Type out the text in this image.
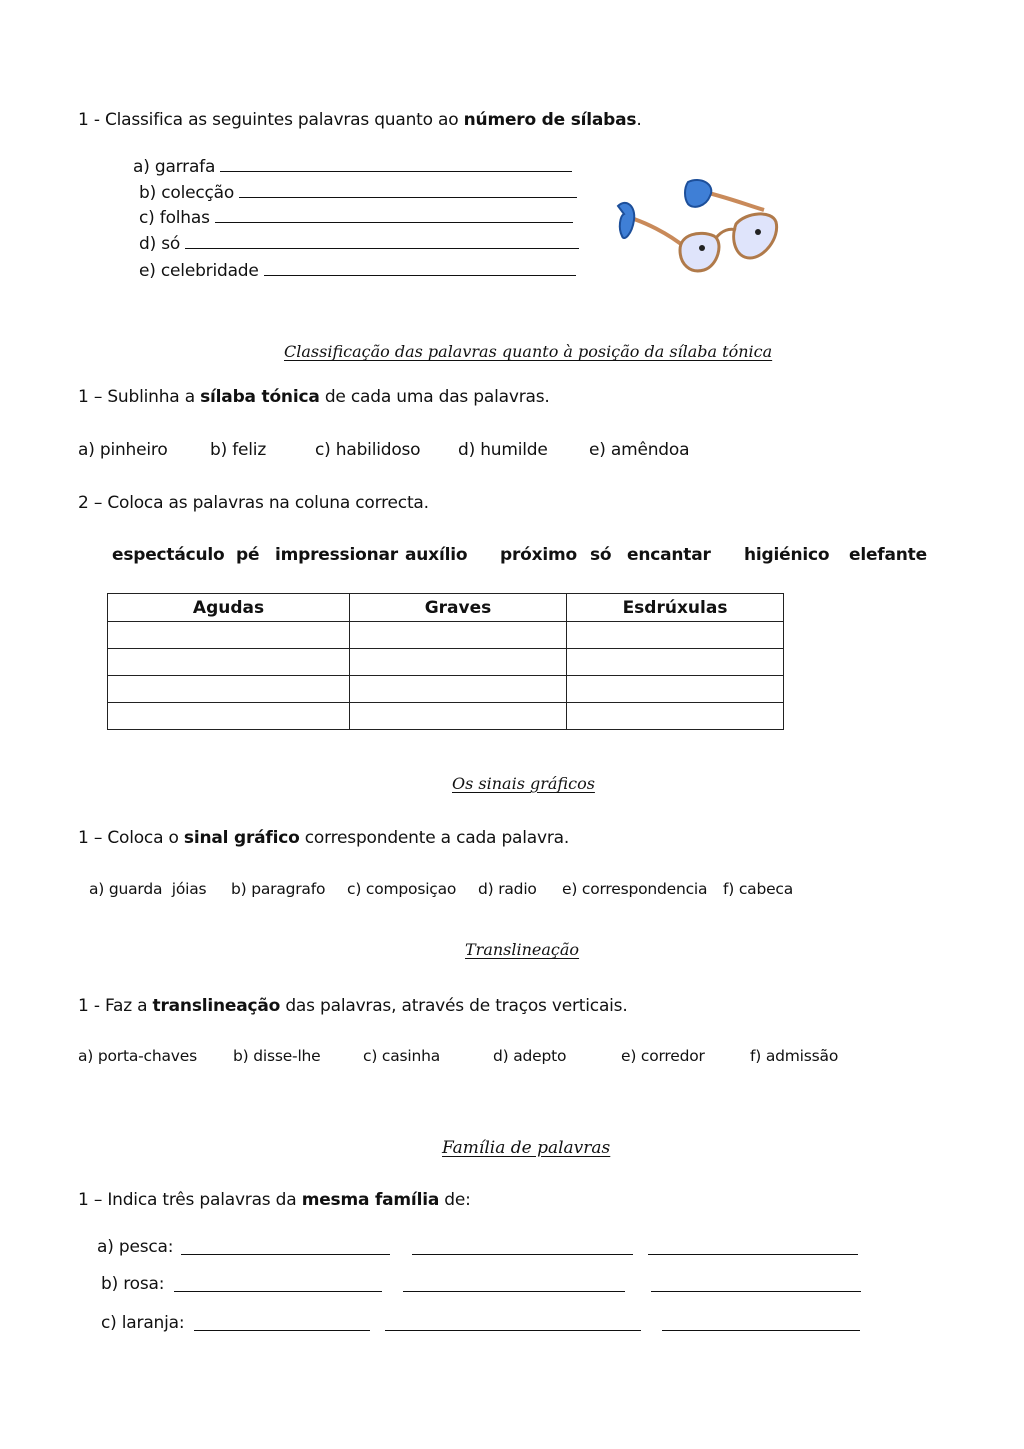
1 - Classifica as seguintes palavras quanto ao número de sílabas.
a) garrafa
b) colecção
c) folhas
d) só
e) celebridade
Classificação das palavras quanto à posição da sílaba tónica
1 – Sublinha a sílaba tónica de cada uma das palavras.
a) pinheiro b) feliz	c) habilidoso d) humilde e) amêndoa
2 – Coloca as palavras na coluna correcta.
espectáculo pé impressionar auxílio próximo só encantar higiénico elefante
Agudas	Graves	Esdrúxulas

Os sinais gráficos
1 – Coloca o sinal gráfico correspondente a cada palavra.
a) guarda  jóias b) paragrafo c) composiçao d) radio e) correspondencia f) cabeca
Translineação
1 - Faz a translineação das palavras, através de traços verticais.
a) porta-chaves b) disse-lhe	c) casinha	d) adepto	e) corredor	f) admissão
Família de palavras
1 – Indica três palavras da mesma família de:
a) pesca:
b) rosa:
c) laranja:
